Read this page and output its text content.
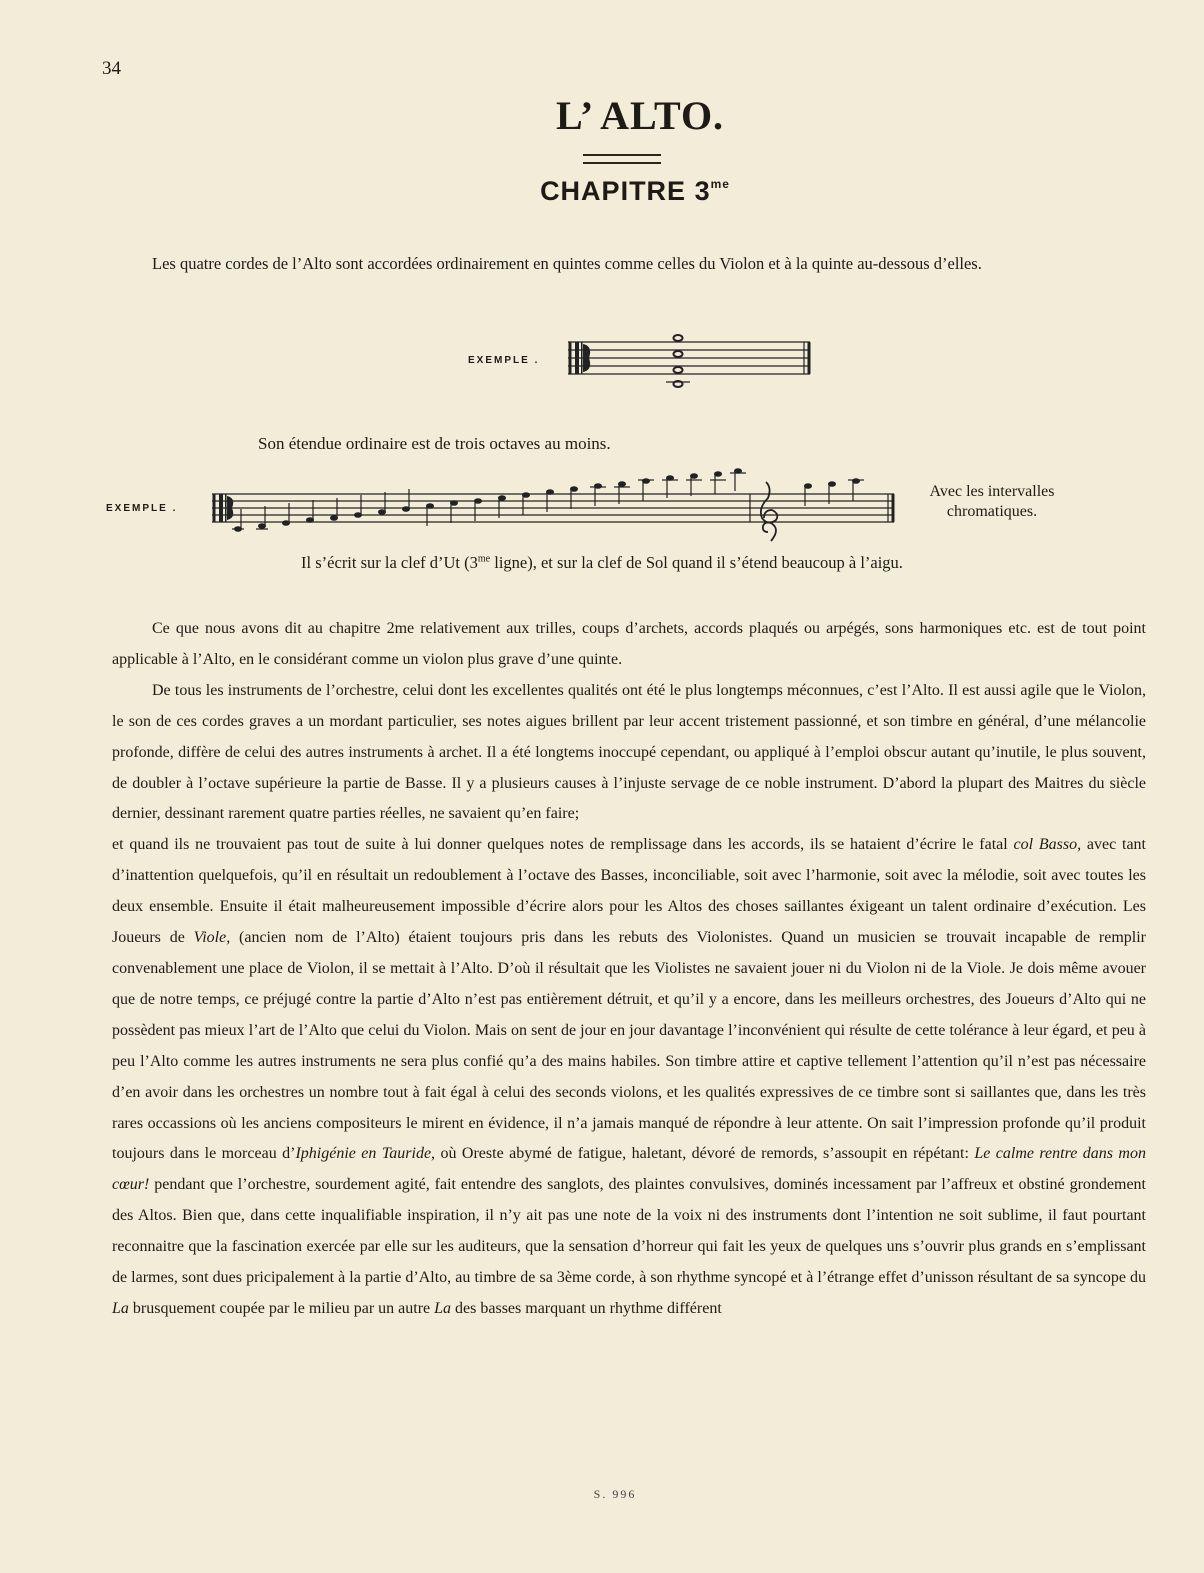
34
L’ ALTO.
CHAPITRE $3^{me}$

Les quatre cordes de l’Alto sont accordées ordinairement en quintes comme celles du Violon et à la quinte au-dessous d’elles.

EXEMPLE .
Son étendue ordinaire est de trois octaves au moins.
EXEMPLE .
Avec les intervalles
chromatiques.
Il s’écrit sur la clef d’Ut ($3^{me}$ ligne), et sur la clef de Sol quand il s’étend beaucoup à l’aigu.

Ce que nous avons dit au chapitre 2me relativement aux trilles, coups d’archets, accords plaqués ou arpégés, sons harmoniques etc. est de tout point applicable à l’Alto, en le considérant comme un violon plus grave d’une quinte.

De tous les instruments de l’orchestre, celui dont les excellentes qualités ont été le plus longtemps méconnues, c’est l’Alto. Il est aussi agile que le Violon, le son de ces cordes graves a un mordant particulier, ses notes aigues brillent par leur accent tristement passionné, et son timbre en général, d’une mélancolie profonde, diffère de celui des autres instruments à archet. Il a été longtems inoccupé cependant, ou appliqué à l’emploi obscur autant qu’inutile, le plus souvent, de doubler à l’octave supérieure la partie de Basse. Il y a plusieurs causes à l’injuste servage de ce noble instrument. D’abord la plupart des Maitres du siècle dernier, dessinant rarement quatre parties réelles, ne savaient qu’en faire;

et quand ils ne trouvaient pas tout de suite à lui donner quelques notes de remplissage dans les accords, ils se hataient d’écrire le fatal col Basso, avec tant d’inattention quelquefois, qu’il en résultait un redoublement à l’octave des Basses, inconciliable, soit avec l’harmonie, soit avec la mélodie, soit avec toutes les deux ensemble. Ensuite il était malheureusement impossible d’écrire alors pour les Altos des choses saillantes éxigeant un talent ordinaire d’exécution. Les Joueurs de Viole, (ancien nom de l’Alto) étaient toujours pris dans les rebuts des Violonistes. Quand un musicien se trouvait incapable de remplir convenablement une place de Violon, il se mettait à l’Alto. D’où il résultait que les Violistes ne savaient jouer ni du Violon ni de la Viole. Je dois même avouer que de notre temps, ce préjugé contre la partie d’Alto n’est pas entièrement détruit, et qu’il y a encore, dans les meilleurs orchestres, des Joueurs d’Alto qui ne possèdent pas mieux l’art de l’Alto que celui du Violon. Mais on sent de jour en jour davantage l’inconvénient qui résulte de cette tolérance à leur égard, et peu à peu l’Alto comme les autres instruments ne sera plus confié qu’a des mains habiles. Son timbre attire et captive tellement l’attention qu’il n’est pas nécessaire d’en avoir dans les orchestres un nombre tout à fait égal à celui des seconds violons, et les qualités expressives de ce timbre sont si saillantes que, dans les très rares occassions où les anciens compositeurs le mirent en évidence, il n’a jamais manqué de répondre à leur attente. On sait l’impression profonde qu’il produit toujours dans le morceau d’Iphigénie en Tauride, où Oreste abymé de fatigue, haletant, dévoré de remords, s’assoupit en répétant: Le calme rentre dans mon cœur! pendant que l’orchestre, sourdement agité, fait entendre des sanglots, des plaintes convulsives, dominés incessament par l’affreux et obstiné grondement des Altos. Bien que, dans cette inqualifiable inspiration, il n’y ait pas une note de la voix ni des instruments dont l’intention ne soit sublime, il faut pourtant reconnaitre que la fascination exercée par elle sur les auditeurs, que la sensation d’horreur qui fait les yeux de quelques uns s’ouvrir plus grands en s’emplissant de larmes, sont dues pricipalement à la partie d’Alto, au timbre de sa 3ème corde, à son rhythme syncopé et à l’étrange effet d’unisson résultant de sa syncope du La brusquement coupée par le milieu par un autre La des basses marquant un rhythme différent

S. 996
